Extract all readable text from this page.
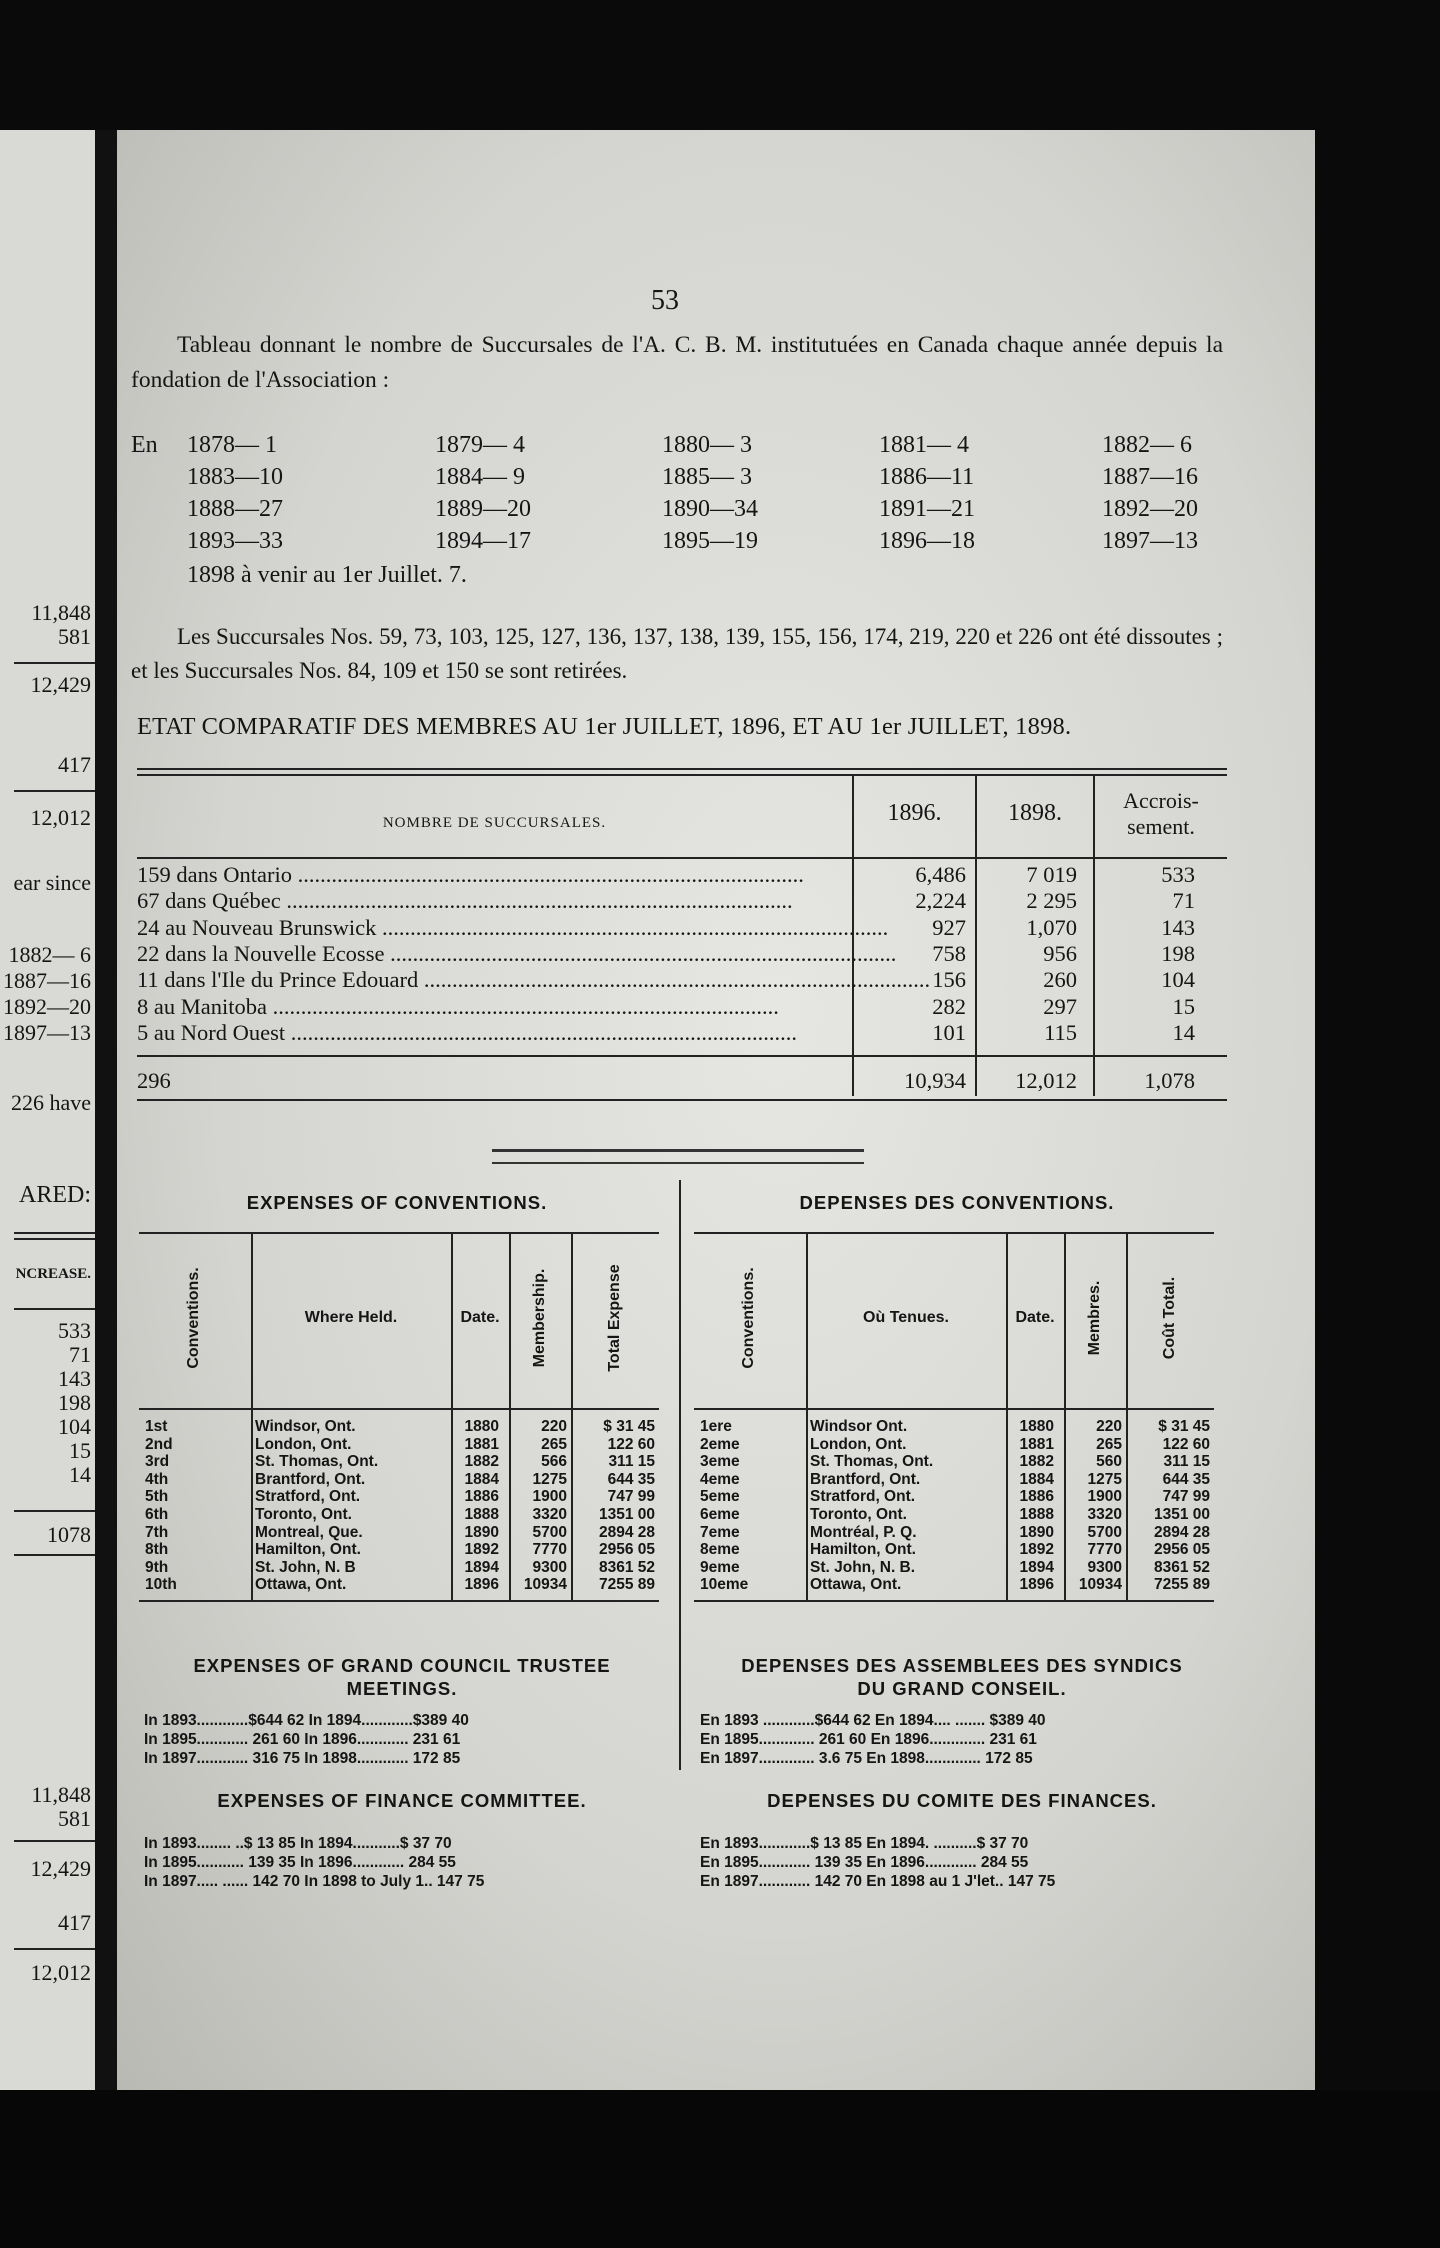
11,848
581
12,429
417
12,012
ear since
1882— 6
1887—16
1892—20
1897—13
226 have
ARED:
NCREASE.
533
71
143
198
104
15
14
1078
11,848
581
12,429
417
12,012
53
Tableau donnant le nombre de Succursales de l'A. C. B. M. institutuées en Canada chaque année depuis la fondation de l'Association :
En 1878— 1	1879— 4	1880— 3	1881— 4	1882— 6
1883—10	1884— 9	1885— 3	1886—11	1887—16
1888—27	1889—20	1890—34	1891—21	1892—20
1893—33	1894—17	1895—19	1896—18	1897—13
1898 à venir au 1er Juillet. 7.
Les Succursales Nos. 59, 73, 103, 125, 127, 136, 137, 138, 139, 155, 156, 174, 219, 220 et 226 ont été dissoutes ; et les Succursales Nos. 84, 109 et 150 se sont retirées.
ETAT COMPARATIF DES MEMBRES AU 1er JUILLET, 1896, ET AU 1er JUILLET, 1898.
NOMBRE DE SUCCURSALES.	1896.	1898.	Accrois-
sement.
159 dans Ontario ..........................................................................................	6,486	7 019	533
67 dans Québec ..........................................................................................	2,224	2 295	71
24 au Nouveau Brunswick ..........................................................................................	927	1,070	143
22 dans la Nouvelle Ecosse ..........................................................................................	758	956	198
11 dans l'Ile du Prince Edouard .......................................................................................... 156	260	104
8 au Manitoba ..........................................................................................	282	297	15
5 au Nord Ouest ..........................................................................................	101	115	14
296	10,934	12,012	1,078
EXPENSES OF CONVENTIONS.	DEPENSES DES CONVENTIONS.
Conventions.	Where Held.	Date.	Membership.	Total Expense
1st	Windsor, Ont.	1880	220	$ 31 45
2nd	London, Ont.	1881	265	122 60
3rd	St. Thomas, Ont.	1882	566	311 15
4th	Brantford, Ont.	1884	1275	644 35
5th	Stratford, Ont.	1886	1900	747 99
6th	Toronto, Ont.	1888	3320	1351 00
7th	Montreal, Que.	1890	5700	2894 28
8th	Hamilton, Ont.	1892	7770	2956 05
9th	St. John, N. B	1894	9300	8361 52
10th	Ottawa, Ont.	1896	10934	7255 89
Conventions.	Où Tenues.	Date.	Membres.	Coût Total.
1ere	Windsor Ont.	1880	220	$ 31 45
2eme	London, Ont.	1881	265	122 60
3eme	St. Thomas, Ont.	1882	560	311 15
4eme	Brantford, Ont.	1884	1275	644 35
5eme	Stratford, Ont.	1886	1900	747 99
6eme	Toronto, Ont.	1888	3320	1351 00
7eme	Montréal, P. Q.	1890	5700	2894 28
8eme	Hamilton, Ont.	1892	7770	2956 05
9eme	St. John, N. B.	1894	9300	8361 52
10eme	Ottawa, Ont.	1896	10934	7255 89
EXPENSES OF GRAND COUNCIL TRUSTEE
MEETINGS.
In 1893............$644 62 In 1894............$389 40
In 1895............ 261 60 In 1896............ 231 61
In 1897............ 316 75 In 1898............ 172 85
DEPENSES DES ASSEMBLEES DES SYNDICS
DU GRAND CONSEIL.
En 1893 ............$644 62 En 1894.... ....... $389 40
En 1895............. 261 60 En 1896............. 231 61
En 1897............. 3.6 75 En 1898............. 172 85
EXPENSES OF FINANCE COMMITTEE.
In 1893........ ..$ 13 85 In 1894...........$ 37 70
In 1895........... 139 35 In 1896............ 284 55
In 1897..... ...... 142 70 In 1898 to July 1.. 147 75
DEPENSES DU COMITE DES FINANCES.
En 1893............$ 13 85 En 1894. ..........$ 37 70
En 1895............ 139 35 En 1896............ 284 55
En 1897............ 142 70 En 1898 au 1 J'let.. 147 75
